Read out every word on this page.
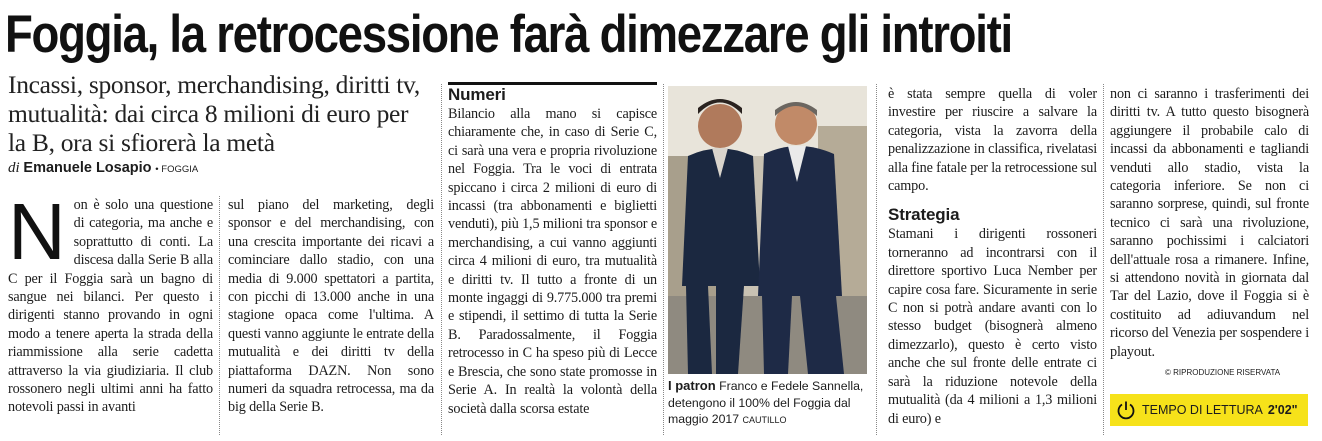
Foggia, la retrocessione farà dimezzare gli introiti
Incassi, sponsor, merchandising, diritti tv, mutualità: dai circa 8 milioni di euro per la B, ora si sfiorerà la metà
di Emanuele Losapio • FOGGIA
N on è solo una questione di categoria, ma anche e soprattutto di conti. La discesa dalla Serie B alla C per il Foggia sarà un bagno di sangue nei bilanci. Per questo i dirigenti stanno provando in ogni modo a tenere aperta la strada della riammissione alla serie cadetta attraverso la via giudiziaria. Il club rossonero negli ultimi anni ha fatto notevoli passi in avanti

sul piano del marketing, degli sponsor e del merchandising, con una crescita importante dei ricavi a cominciare dallo stadio, con una media di 9.000 spettatori a partita, con picchi di 13.000 anche in una stagione opaca come l'ultima. A questi vanno aggiunte le entrate della mutualità e dei diritti tv della piattaforma DAZN. Non sono numeri da squadra retrocessa, ma da big della Serie B.

Numeri

Bilancio alla mano si capisce chiaramente che, in caso di Serie C, ci sarà una vera e propria rivoluzione nel Foggia. Tra le voci di entrata spiccano i circa 2 milioni di euro di incassi (tra abbonamenti e biglietti venduti), più 1,5 milioni tra sponsor e merchandising, a cui vanno aggiunti circa 4 milioni di euro, tra mutualità e diritti tv. Il tutto a fronte di un monte ingaggi di 9.775.000 tra premi e stipendi, il settimo di tutta la Serie B. Paradossalmente, il Foggia retrocesso in C ha speso più di Lecce e Brescia, che sono state promosse in Serie A. In realtà la volontà della società dalla scorsa estate

I patron Franco e Fedele Sannella, detengono il 100% del Foggia dal maggio 2017 CAUTILLO

è stata sempre quella di voler investire per riuscire a salvare la categoria, vista la zavorra della penalizzazione in classifica, rivelatasi alla fine fatale per la retrocessione sul campo.

Strategia

Stamani i dirigenti rossoneri torneranno ad incontrarsi con il direttore sportivo Luca Nember per capire cosa fare. Sicuramente in serie C non si potrà andare avanti con lo stesso budget (bisognerà almeno dimezzarlo), questo è certo visto anche che sul fronte delle entrate ci sarà la riduzione notevole della mutualità (da 4 milioni a 1,3 milioni di euro) e

non ci saranno i trasferimenti dei diritti tv. A tutto questo bisognerà aggiungere il probabile calo di incassi da abbonamenti e tagliandi venduti allo stadio, vista la categoria inferiore. Se non ci saranno sorprese, quindi, sul fronte tecnico ci sarà una rivoluzione, saranno pochissimi i calciatori dell'attuale rosa a rimanere. Infine, si attendono novità in giornata dal Tar del Lazio, dove il Foggia si è costituito ad adiuvandum nel ricorso del Venezia per sospendere i playout.

© RIPRODUZIONE RISERVATA
TEMPO DI LETTURA 2'02"
